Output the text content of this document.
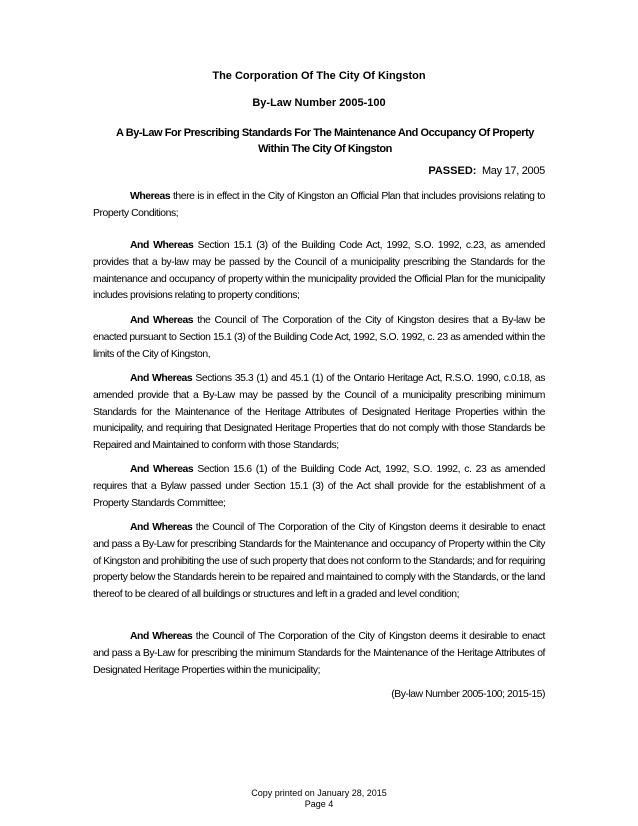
The Corporation Of The City Of Kingston
By-Law Number 2005-100
A By-Law For Prescribing Standards For The Maintenance And Occupancy Of Property Within The City Of Kingston
PASSED: May 17, 2005

Whereas there is in effect in the City of Kingston an Official Plan that includes provisions relating to Property Conditions;

And Whereas Section 15.1 (3) of the Building Code Act, 1992, S.O. 1992, c.23, as amended provides that a by-law may be passed by the Council of a municipality prescribing the Standards for the maintenance and occupancy of property within the municipality provided the Official Plan for the municipality includes provisions relating to property conditions;

And Whereas the Council of The Corporation of the City of Kingston desires that a By-law be enacted pursuant to Section 15.1 (3) of the Building Code Act, 1992, S.O. 1992, c. 23 as amended within the limits of the City of Kingston,

And Whereas Sections 35.3 (1) and 45.1 (1) of the Ontario Heritage Act, R.S.O. 1990, c.0.18, as amended provide that a By-Law may be passed by the Council of a municipality prescribing minimum Standards for the Maintenance of the Heritage Attributes of Designated Heritage Properties within the municipality, and requiring that Designated Heritage Properties that do not comply with those Standards be Repaired and Maintained to conform with those Standards;

And Whereas Section 15.6 (1) of the Building Code Act, 1992, S.O. 1992, c. 23 as amended requires that a Bylaw passed under Section 15.1 (3) of the Act shall provide for the establishment of a Property Standards Committee;

And Whereas the Council of The Corporation of the City of Kingston deems it desirable to enact and pass a By-Law for prescribing Standards for the Maintenance and occupancy of Property within the City of Kingston and prohibiting the use of such property that does not conform to the Standards; and for requiring property below the Standards herein to be repaired and maintained to comply with the Standards, or the land thereof to be cleared of all buildings or structures and left in a graded and level condition;

And Whereas the Council of The Corporation of the City of Kingston deems it desirable to enact and pass a By-Law for prescribing the minimum Standards for the Maintenance of the Heritage Attributes of Designated Heritage Properties within the municipality;

(By-law Number 2005-100; 2015-15)
Copy printed on January 28, 2015
Page 4
